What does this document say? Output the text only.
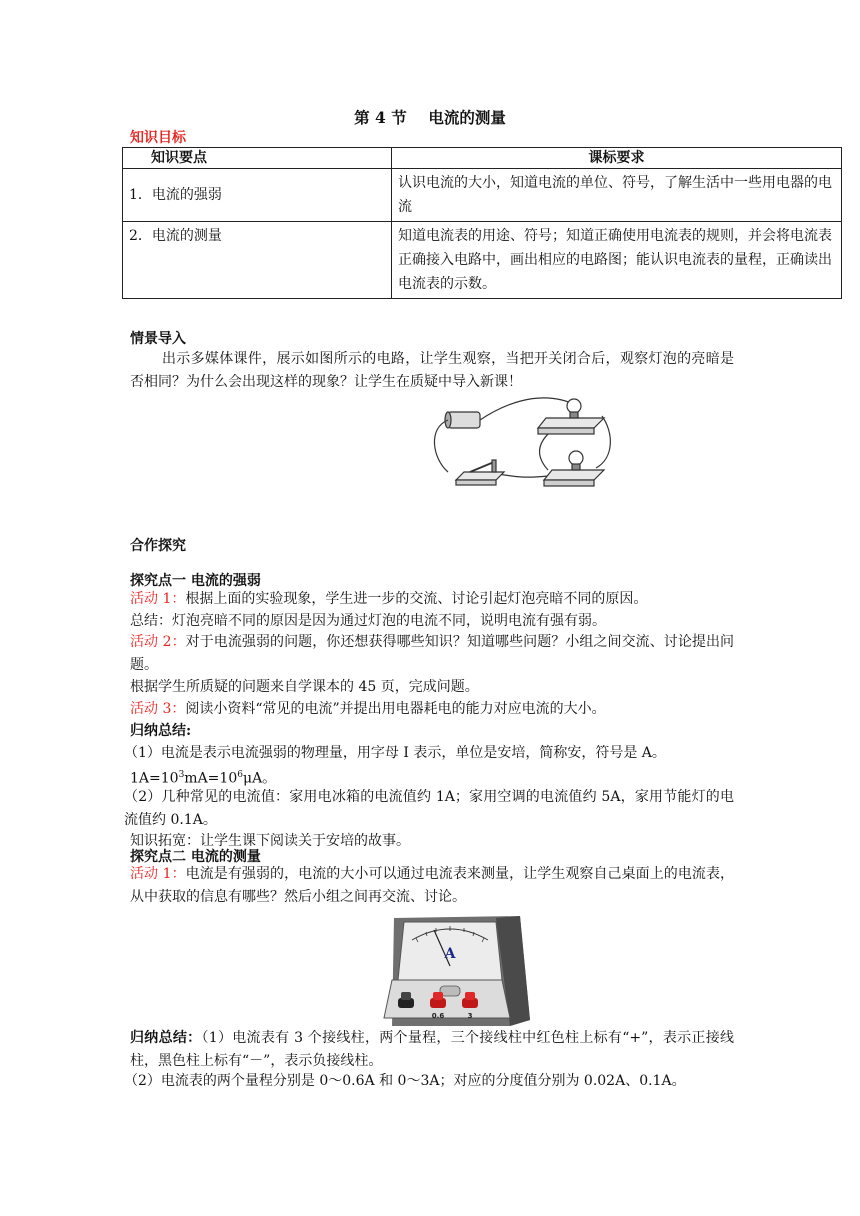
第 4 节    电流的测量
知识目标
知识要点	课标要求
1．电流的强弱	认识电流的大小，知道电流的单位、符号，了解生活中一些用电器的电流
2．电流的测量	知道电流表的用途、符号；知道正确使用电流表的规则，并会将电流表正确接入电路中，画出相应的电路图；能认识电流表的量程，正确读出电流表的示数。
情景导入
出示多媒体课件，展示如图所示的电路，让学生观察，当把开关闭合后，观察灯泡的亮暗是否相同？为什么会出现这样的现象？让学生在质疑中导入新课！
合作探究
探究点一 电流的强弱
活动 1：根据上面的实验现象，学生进一步的交流、讨论引起灯泡亮暗不同的原因。
总结：灯泡亮暗不同的原因是因为通过灯泡的电流不同，说明电流有强有弱。
活动 2：对于电流强弱的问题，你还想获得哪些知识？知道哪些问题？小组之间交流、讨论提出问题。
根据学生所质疑的问题来自学课本的 45 页，完成问题。
活动 3：阅读小资料“常见的电流”并提出用电器耗电的能力对应电流的大小。
归纳总结:
（1）电流是表示电流强弱的物理量，用字母 I 表示，单位是安培，简称安，符号是 A。
$1A=10^3mA=10^6\mu A$。
（2）几种常见的电流值：家用电冰箱的电流值约 1A；家用空调的电流值约 5A，家用节能灯的电流值约 0.1A。
知识拓宽：让学生课下阅读关于安培的故事。
探究点二 电流的测量
活动 1：电流是有强弱的，电流的大小可以通过电流表来测量，让学生观察自己桌面上的电流表，从中获取的信息有哪些？然后小组之间再交流、讨论。
A
0.6	3
归纳总结：（1）电流表有 3 个接线柱，两个量程，三个接线柱中红色柱上标有“+”，表示正接线柱，黑色柱上标有“－”，表示负接线柱。
（2）电流表的两个量程分别是 0～0.6A 和 0～3A；对应的分度值分别为 0.02A、0.1A。
